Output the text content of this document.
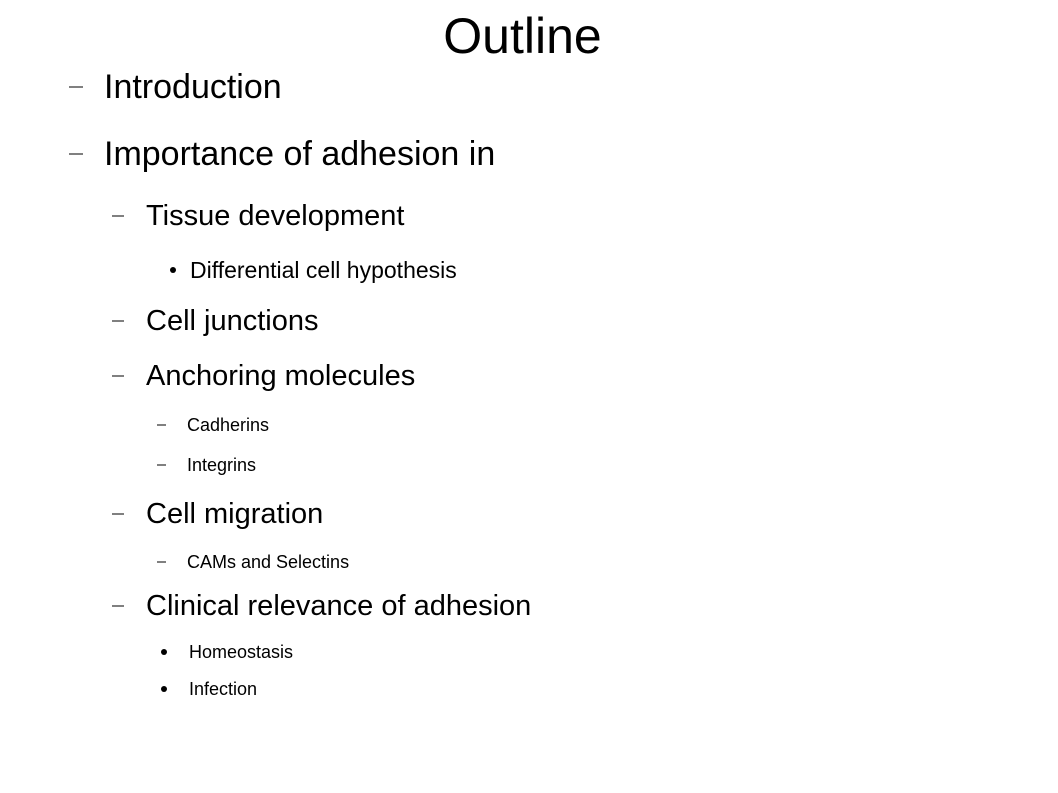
Outline
Introduction
Importance of adhesion in
Tissue development
Differential cell hypothesis
Cell junctions
Anchoring molecules
Cadherins
Integrins
Cell migration
CAMs and Selectins
Clinical relevance of adhesion
Homeostasis
Infection
